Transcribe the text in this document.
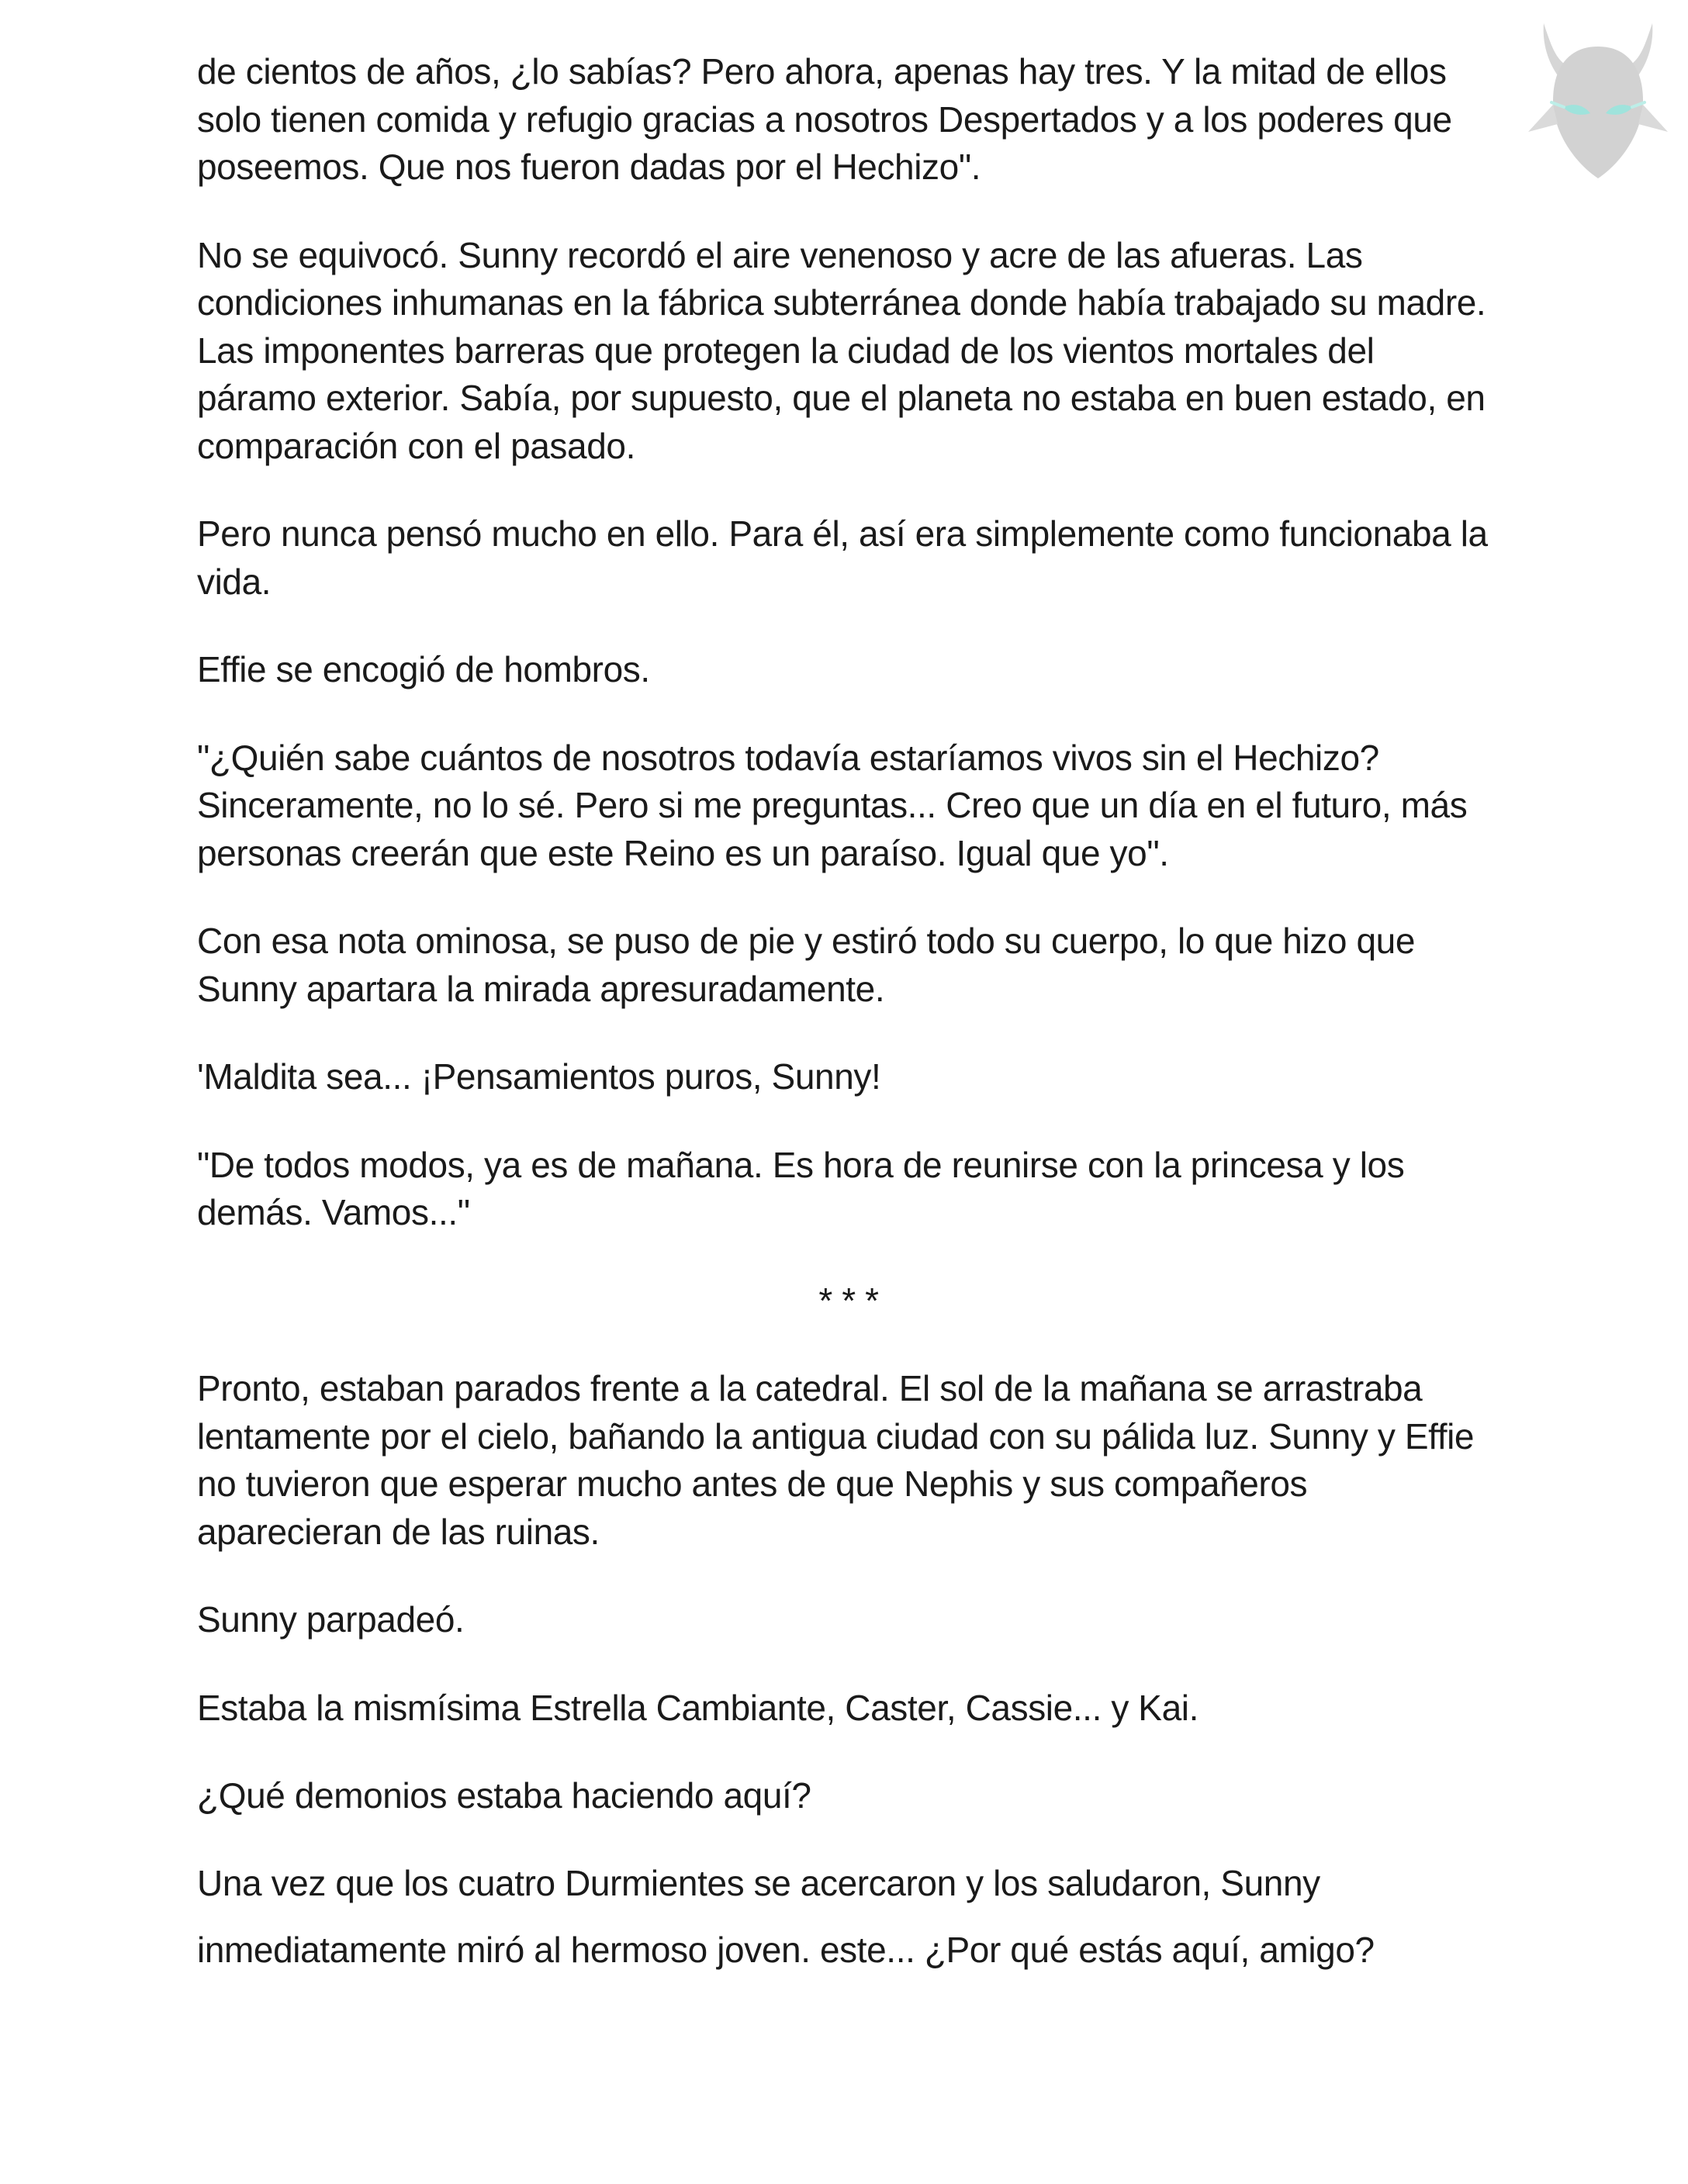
de cientos de años, ¿lo sabías? Pero ahora, apenas hay tres. Y la mitad de ellos solo tienen comida y refugio gracias a nosotros Despertados y a los poderes que poseemos. Que nos fueron dadas por el Hechizo".

No se equivocó. Sunny recordó el aire venenoso y acre de las afueras. Las condiciones inhumanas en la fábrica subterránea donde había trabajado su madre. Las imponentes barreras que protegen la ciudad de los vientos mortales del páramo exterior. Sabía, por supuesto, que el planeta no estaba en buen estado, en comparación con el pasado.

Pero nunca pensó mucho en ello. Para él, así era simplemente como funcionaba la vida.

Effie se encogió de hombros.

"¿Quién sabe cuántos de nosotros todavía estaríamos vivos sin el Hechizo? Sinceramente, no lo sé. Pero si me preguntas... Creo que un día en el futuro, más personas creerán que este Reino es un paraíso. Igual que yo".

Con esa nota ominosa, se puso de pie y estiró todo su cuerpo, lo que hizo que Sunny apartara la mirada apresuradamente.

'Maldita sea... ¡Pensamientos puros, Sunny!

"De todos modos, ya es de mañana. Es hora de reunirse con la princesa y los demás. Vamos..."

* * *

Pronto, estaban parados frente a la catedral. El sol de la mañana se arrastraba lentamente por el cielo, bañando la antigua ciudad con su pálida luz. Sunny y Effie no tuvieron que esperar mucho antes de que Nephis y sus compañeros aparecieran de las ruinas.

Sunny parpadeó.

Estaba la mismísima Estrella Cambiante, Caster, Cassie... y Kai.

¿Qué demonios estaba haciendo aquí?

Una vez que los cuatro Durmientes se acercaron y los saludaron, Sunny inmediatamente miró al hermoso joven. este... ¿Por qué estás aquí, amigo?
